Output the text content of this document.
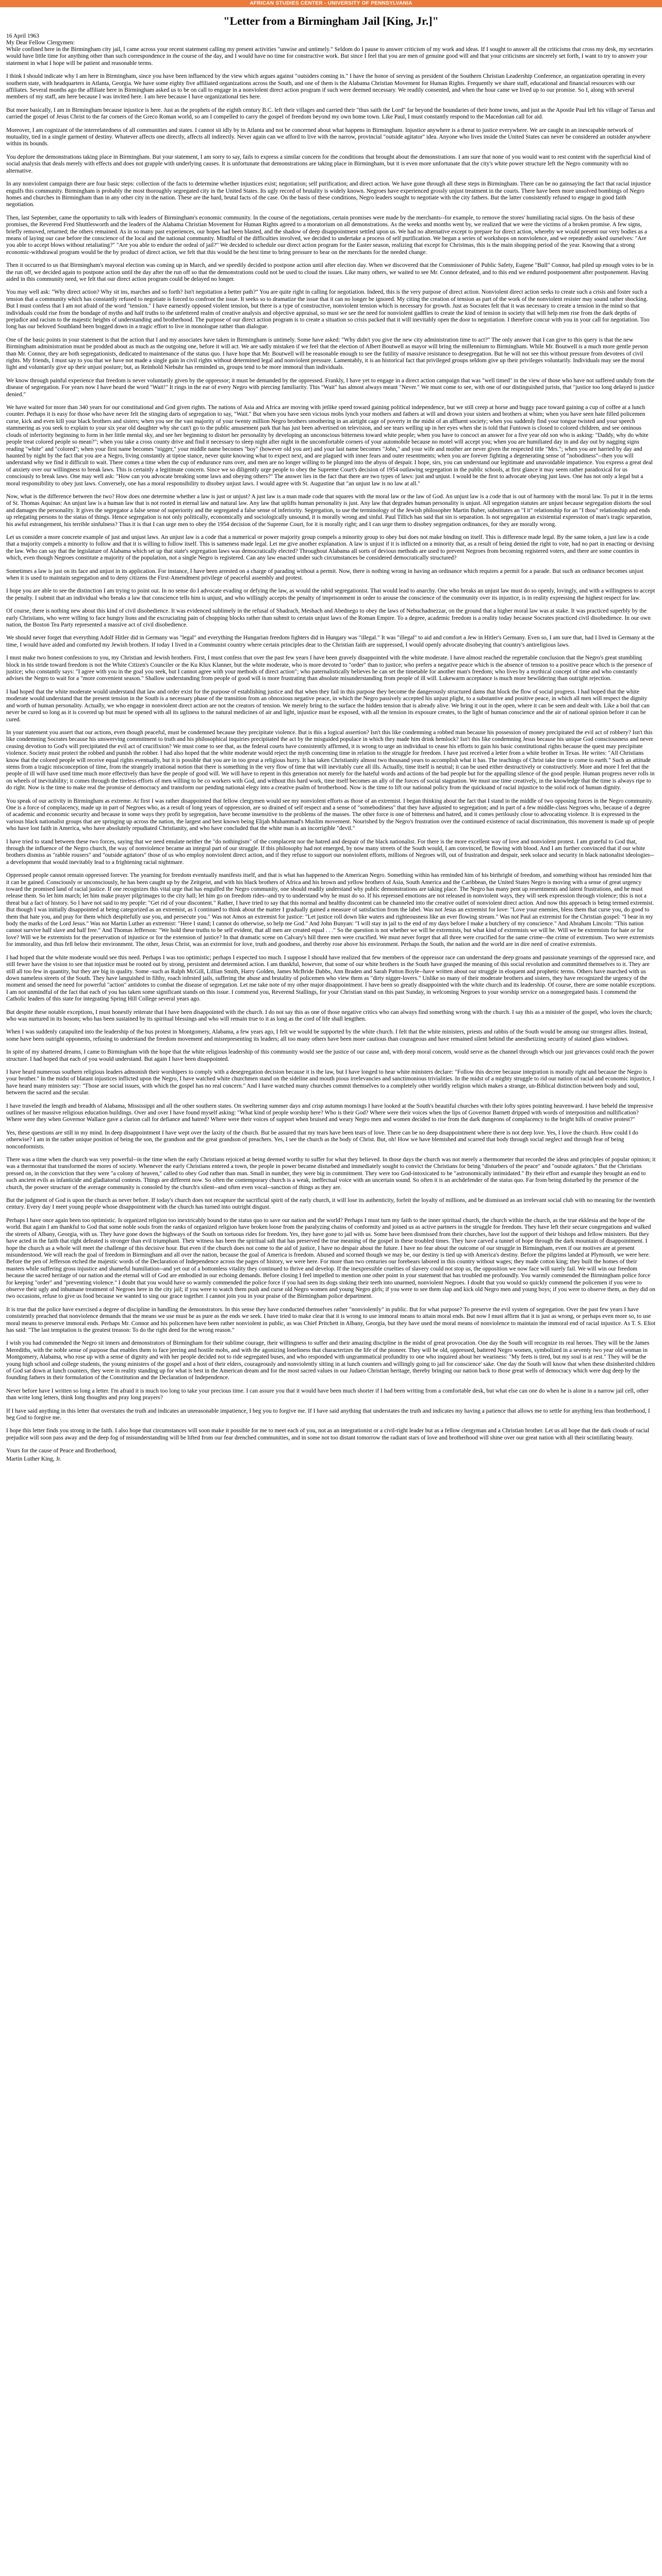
AFRICAN STUDIES CENTER - UNIVERSITY OF PENNSYLVANIA
"Letter from a Birmingham Jail [King, Jr.]"
16 April 1963
My Dear Fellow Clergymen:

While confined here in the Birmingham city jail, I came across your recent statement calling my present activities "unwise and untimely." Seldom do I pause to answer criticism of my work and ideas. If I sought to answer all the criticisms that cross my desk, my secretaries would have little time for anything other than such correspondence in the course of the day, and I would have no time for constructive work. But since I feel that you are men of genuine good will and that your criticisms are sincerely set forth, I want to try to answer your statement in what I hope will be patient and reasonable terms.

I think I should indicate why I am here in Birmingham, since you have been influenced by the view which argues against "outsiders coming in." I have the honor of serving as president of the Southern Christian Leadership Conference, an organization operating in every southern state, with headquarters in Atlanta, Georgia. We have some eighty five affiliated organizations across the South, and one of them is the Alabama Christian Movement for Human Rights. Frequently we share staff, educational and financial resources with our affiliates. Several months ago the affiliate here in Birmingham asked us to be on call to engage in a nonviolent direct action program if such were deemed necessary. We readily consented, and when the hour came we lived up to our promise. So I, along with several members of my staff, am here because I was invited here. I am here because I have organizational ties here.

But more basically, I am in Birmingham because injustice is here. Just as the prophets of the eighth century B.C. left their villages and carried their "thus saith the Lord" far beyond the boundaries of their home towns, and just as the Apostle Paul left his village of Tarsus and carried the gospel of Jesus Christ to the far corners of the Greco Roman world, so am I compelled to carry the gospel of freedom beyond my own home town. Like Paul, I must constantly respond to the Macedonian call for aid.

Moreover, I am cognizant of the interrelatedness of all communities and states. I cannot sit idly by in Atlanta and not be concerned about what happens in Birmingham. Injustice anywhere is a threat to justice everywhere. We are caught in an inescapable network of mutuality, tied in a single garment of destiny. Whatever affects one directly, affects all indirectly. Never again can we afford to live with the narrow, provincial "outside agitator" idea. Anyone who lives inside the United States can never be considered an outsider anywhere within its bounds.

You deplore the demonstrations taking place in Birmingham. But your statement, I am sorry to say, fails to express a similar concern for the conditions that brought about the demonstrations. I am sure that none of you would want to rest content with the superficial kind of social analysis that deals merely with effects and does not grapple with underlying causes. It is unfortunate that demonstrations are taking place in Birmingham, but it is even more unfortunate that the city's white power structure left the Negro community with no alternative.

In any nonviolent campaign there are four basic steps: collection of the facts to determine whether injustices exist; negotiation; self purification; and direct action. We have gone through all these steps in Birmingham. There can be no gainsaying the fact that racial injustice engulfs this community. Birmingham is probably the most thoroughly segregated city in the United States. Its ugly record of brutality is widely known. Negroes have experienced grossly unjust treatment in the courts. There have been more unsolved bombings of Negro homes and churches in Birmingham than in any other city in the nation. These are the hard, brutal facts of the case. On the basis of these conditions, Negro leaders sought to negotiate with the city fathers. But the latter consistently refused to engage in good faith negotiation.

Then, last September, came the opportunity to talk with leaders of Birmingham's economic community. In the course of the negotiations, certain promises were made by the merchants--for example, to remove the stores' humiliating racial signs. On the basis of these promises, the Reverend Fred Shuttlesworth and the leaders of the Alabama Christian Movement for Human Rights agreed to a moratorium on all demonstrations. As the weeks and months went by, we realized that we were the victims of a broken promise. A few signs, briefly removed, returned; the others remained. As in so many past experiences, our hopes had been blasted, and the shadow of deep disappointment settled upon us. We had no alternative except to prepare for direct action, whereby we would present our very bodies as a means of laying our case before the conscience of the local and the national community. Mindful of the difficulties involved, we decided to undertake a process of self purification. We began a series of workshops on nonviolence, and we repeatedly asked ourselves: "Are you able to accept blows without retaliating?" "Are you able to endure the ordeal of jail?" We decided to schedule our direct action program for the Easter season, realizing that except for Christmas, this is the main shopping period of the year. Knowing that a strong economic-withdrawal program would be the by product of direct action, we felt that this would be the best time to bring pressure to bear on the merchants for the needed change.

Then it occurred to us that Birmingham's mayoral election was coming up in March, and we speedily decided to postpone action until after election day. When we discovered that the Commissioner of Public Safety, Eugene "Bull" Connor, had piled up enough votes to be in the run off, we decided again to postpone action until the day after the run off so that the demonstrations could not be used to cloud the issues. Like many others, we waited to see Mr. Connor defeated, and to this end we endured postponement after postponement. Having aided in this community need, we felt that our direct action program could be delayed no longer.

You may well ask: "Why direct action? Why sit ins, marches and so forth? Isn't negotiation a better path?" You are quite right in calling for negotiation. Indeed, this is the very purpose of direct action. Nonviolent direct action seeks to create such a crisis and foster such a tension that a community which has constantly refused to negotiate is forced to confront the issue. It seeks so to dramatize the issue that it can no longer be ignored. My citing the creation of tension as part of the work of the nonviolent resister may sound rather shocking. But I must confess that I am not afraid of the word "tension." I have earnestly opposed violent tension, but there is a type of constructive, nonviolent tension which is necessary for growth. Just as Socrates felt that it was necessary to create a tension in the mind so that individuals could rise from the bondage of myths and half truths to the unfettered realm of creative analysis and objective appraisal, so must we see the need for nonviolent gadflies to create the kind of tension in society that will help men rise from the dark depths of prejudice and racism to the majestic heights of understanding and brotherhood. The purpose of our direct action program is to create a situation so crisis packed that it will inevitably open the door to negotiation. I therefore concur with you in your call for negotiation. Too long has our beloved Southland been bogged down in a tragic effort to live in monologue rather than dialogue.

One of the basic points in your statement is that the action that I and my associates have taken in Birmingham is untimely. Some have asked: "Why didn't you give the new city administration time to act?" The only answer that I can give to this query is that the new Birmingham administration must be prodded about as much as the outgoing one, before it will act. We are sadly mistaken if we feel that the election of Albert Boutwell as mayor will bring the millennium to Birmingham. While Mr. Boutwell is a much more gentle person than Mr. Connor, they are both segregationists, dedicated to maintenance of the status quo. I have hope that Mr. Boutwell will be reasonable enough to see the futility of massive resistance to desegregation. But he will not see this without pressure from devotees of civil rights. My friends, I must say to you that we have not made a single gain in civil rights without determined legal and nonviolent pressure. Lamentably, it is an historical fact that privileged groups seldom give up their privileges voluntarily. Individuals may see the moral light and voluntarily give up their unjust posture; but, as Reinhold Niebuhr has reminded us, groups tend to be more immoral than individuals.

We know through painful experience that freedom is never voluntarily given by the oppressor; it must be demanded by the oppressed. Frankly, I have yet to engage in a direct action campaign that was "well timed" in the view of those who have not suffered unduly from the disease of segregation. For years now I have heard the word "Wait!" It rings in the ear of every Negro with piercing familiarity. This "Wait" has almost always meant "Never." We must come to see, with one of our distinguished jurists, that "justice too long delayed is justice denied."

We have waited for more than 340 years for our constitutional and God given rights. The nations of Asia and Africa are moving with jetlike speed toward gaining political independence, but we still creep at horse and buggy pace toward gaining a cup of coffee at a lunch counter. Perhaps it is easy for those who have never felt the stinging darts of segregation to say, "Wait." But when you have seen vicious mobs lynch your mothers and fathers at will and drown your sisters and brothers at whim; when you have seen hate filled policemen curse, kick and even kill your black brothers and sisters; when you see the vast majority of your twenty million Negro brothers smothering in an airtight cage of poverty in the midst of an affluent society; when you suddenly find your tongue twisted and your speech stammering as you seek to explain to your six year old daughter why she can't go to the public amusement park that has just been advertised on television, and see tears welling up in her eyes when she is told that Funtown is closed to colored children, and see ominous clouds of inferiority beginning to form in her little mental sky, and see her beginning to distort her personality by developing an unconscious bitterness toward white people; when you have to concoct an answer for a five year old son who is asking: "Daddy, why do white people treat colored people so mean?"; when you take a cross county drive and find it necessary to sleep night after night in the uncomfortable corners of your automobile because no motel will accept you; when you are humiliated day in and day out by nagging signs reading "white" and "colored"; when your first name becomes "nigger," your middle name becomes "boy" (however old you are) and your last name becomes "John," and your wife and mother are never given the respected title "Mrs."; when you are harried by day and haunted by night by the fact that you are a Negro, living constantly at tiptoe stance, never quite knowing what to expect next, and are plagued with inner fears and outer resentments; when you are forever fighting a degenerating sense of "nobodiness"--then you will understand why we find it difficult to wait. There comes a time when the cup of endurance runs over, and men are no longer willing to be plunged into the abyss of despair. I hope, sirs, you can understand our legitimate and unavoidable impatience. You express a great deal of anxiety over our willingness to break laws. This is certainly a legitimate concern. Since we so diligently urge people to obey the Supreme Court's decision of 1954 outlawing segregation in the public schools, at first glance it may seem rather paradoxical for us consciously to break laws. One may well ask: "How can you advocate breaking some laws and obeying others?" The answer lies in the fact that there are two types of laws: just and unjust. I would be the first to advocate obeying just laws. One has not only a legal but a moral responsibility to obey just laws. Conversely, one has a moral responsibility to disobey unjust laws. I would agree with St. Augustine that "an unjust law is no law at all."

Now, what is the difference between the two? How does one determine whether a law is just or unjust? A just law is a man made code that squares with the moral law or the law of God. An unjust law is a code that is out of harmony with the moral law. To put it in the terms of St. Thomas Aquinas: An unjust law is a human law that is not rooted in eternal law and natural law. Any law that uplifts human personality is just. Any law that degrades human personality is unjust. All segregation statutes are unjust because segregation distorts the soul and damages the personality. It gives the segregator a false sense of superiority and the segregated a false sense of inferiority. Segregation, to use the terminology of the Jewish philosopher Martin Buber, substitutes an "I it" relationship for an "I thou" relationship and ends up relegating persons to the status of things. Hence segregation is not only politically, economically and sociologically unsound, it is morally wrong and sinful. Paul Tillich has said that sin is separation. Is not segregation an existential expression of man's tragic separation, his awful estrangement, his terrible sinfulness? Thus it is that I can urge men to obey the 1954 decision of the Supreme Court, for it is morally right; and I can urge them to disobey segregation ordinances, for they are morally wrong.

Let us consider a more concrete example of just and unjust laws. An unjust law is a code that a numerical or power majority group compels a minority group to obey but does not make binding on itself. This is difference made legal. By the same token, a just law is a code that a majority compels a minority to follow and that it is willing to follow itself. This is sameness made legal. Let me give another explanation. A law is unjust if it is inflicted on a minority that, as a result of being denied the right to vote, had no part in enacting or devising the law. Who can say that the legislature of Alabama which set up that state's segregation laws was democratically elected? Throughout Alabama all sorts of devious methods are used to prevent Negroes from becoming registered voters, and there are some counties in which, even though Negroes constitute a majority of the population, not a single Negro is registered. Can any law enacted under such circumstances be considered democratically structured?

Sometimes a law is just on its face and unjust in its application. For instance, I have been arrested on a charge of parading without a permit. Now, there is nothing wrong in having an ordinance which requires a permit for a parade. But such an ordinance becomes unjust when it is used to maintain segregation and to deny citizens the First-Amendment privilege of peaceful assembly and protest.

I hope you are able to see the distinction I am trying to point out. In no sense do I advocate evading or defying the law, as would the rabid segregationist. That would lead to anarchy. One who breaks an unjust law must do so openly, lovingly, and with a willingness to accept the penalty. I submit that an individual who breaks a law that conscience tells him is unjust, and who willingly accepts the penalty of imprisonment in order to arouse the conscience of the community over its injustice, is in reality expressing the highest respect for law.

Of course, there is nothing new about this kind of civil disobedience. It was evidenced sublimely in the refusal of Shadrach, Meshach and Abednego to obey the laws of Nebuchadnezzar, on the ground that a higher moral law was at stake. It was practiced superbly by the early Christians, who were willing to face hungry lions and the excruciating pain of chopping blocks rather than submit to certain unjust laws of the Roman Empire. To a degree, academic freedom is a reality today because Socrates practiced civil disobedience. In our own nation, the Boston Tea Party represented a massive act of civil disobedience.

We should never forget that everything Adolf Hitler did in Germany was "legal" and everything the Hungarian freedom fighters did in Hungary was "illegal." It was "illegal" to aid and comfort a Jew in Hitler's Germany. Even so, I am sure that, had I lived in Germany at the time, I would have aided and comforted my Jewish brothers. If today I lived in a Communist country where certain principles dear to the Christian faith are suppressed, I would openly advocate disobeying that country's antireligious laws.

I must make two honest confessions to you, my Christian and Jewish brothers. First, I must confess that over the past few years I have been gravely disappointed with the white moderate. I have almost reached the regrettable conclusion that the Negro's great stumbling block in his stride toward freedom is not the White Citizen's Counciler or the Ku Klux Klanner, but the white moderate, who is more devoted to "order" than to justice; who prefers a negative peace which is the absence of tension to a positive peace which is the presence of justice; who constantly says: "I agree with you in the goal you seek, but I cannot agree with your methods of direct action"; who paternalistically believes he can set the timetable for another man's freedom; who lives by a mythical concept of time and who constantly advises the Negro to wait for a "more convenient season." Shallow understanding from people of good will is more frustrating than absolute misunderstanding from people of ill will. Lukewarm acceptance is much more bewildering than outright rejection.

I had hoped that the white moderate would understand that law and order exist for the purpose of establishing justice and that when they fail in this purpose they become the dangerously structured dams that block the flow of social progress. I had hoped that the white moderate would understand that the present tension in the South is a necessary phase of the transition from an obnoxious negative peace, in which the Negro passively accepted his unjust plight, to a substantive and positive peace, in which all men will respect the dignity and worth of human personality. Actually, we who engage in nonviolent direct action are not the creators of tension. We merely bring to the surface the hidden tension that is already alive. We bring it out in the open, where it can be seen and dealt with. Like a boil that can never be cured so long as it is covered up but must be opened with all its ugliness to the natural medicines of air and light, injustice must be exposed, with all the tension its exposure creates, to the light of human conscience and the air of national opinion before it can be cured.

In your statement you assert that our actions, even though peaceful, must be condemned because they precipitate violence. But is this a logical assertion? Isn't this like condemning a robbed man because his possession of money precipitated the evil act of robbery? Isn't this like condemning Socrates because his unswerving commitment to truth and his philosophical inquiries precipitated the act by the misguided populace in which they made him drink hemlock? Isn't this like condemning Jesus because his unique God consciousness and never ceasing devotion to God's will precipitated the evil act of crucifixion? We must come to see that, as the federal courts have consistently affirmed, it is wrong to urge an individual to cease his efforts to gain his basic constitutional rights because the quest may precipitate violence. Society must protect the robbed and punish the robber. I had also hoped that the white moderate would reject the myth concerning time in relation to the struggle for freedom. I have just received a letter from a white brother in Texas. He writes: "All Christians know that the colored people will receive equal rights eventually, but it is possible that you are in too great a religious hurry. It has taken Christianity almost two thousand years to accomplish what it has. The teachings of Christ take time to come to earth." Such an attitude stems from a tragic misconception of time, from the strangely irrational notion that there is something in the very flow of time that will inevitably cure all ills. Actually, time itself is neutral; it can be used either destructively or constructively. More and more I feel that the people of ill will have used time much more effectively than have the people of good will. We will have to repent in this generation not merely for the hateful words and actions of the bad people but for the appalling silence of the good people. Human progress never rolls in on wheels of inevitability; it comes through the tireless efforts of men willing to be co workers with God, and without this hard work, time itself becomes an ally of the forces of social stagnation. We must use time creatively, in the knowledge that the time is always ripe to do right. Now is the time to make real the promise of democracy and transform our pending national elegy into a creative psalm of brotherhood. Now is the time to lift our national policy from the quicksand of racial injustice to the solid rock of human dignity.

You speak of our activity in Birmingham as extreme. At first I was rather disappointed that fellow clergymen would see my nonviolent efforts as those of an extremist. I began thinking about the fact that I stand in the middle of two opposing forces in the Negro community. One is a force of complacency, made up in part of Negroes who, as a result of long years of oppression, are so drained of self respect and a sense of "somebodiness" that they have adjusted to segregation; and in part of a few middle-class Negroes who, because of a degree of academic and economic security and because in some ways they profit by segregation, have become insensitive to the problems of the masses. The other force is one of bitterness and hatred, and it comes perilously close to advocating violence. It is expressed in the various black nationalist groups that are springing up across the nation, the largest and best known being Elijah Muhammad's Muslim movement. Nourished by the Negro's frustration over the continued existence of racial discrimination, this movement is made up of people who have lost faith in America, who have absolutely repudiated Christianity, and who have concluded that the white man is an incorrigible "devil."

I have tried to stand between these two forces, saying that we need emulate neither the "do nothingism" of the complacent nor the hatred and despair of the black nationalist. For there is the more excellent way of love and nonviolent protest. I am grateful to God that, through the influence of the Negro church, the way of nonviolence became an integral part of our struggle. If this philosophy had not emerged, by now many streets of the South would, I am convinced, be flowing with blood. And I am further convinced that if our white brothers dismiss as "rabble rousers" and "outside agitators" those of us who employ nonviolent direct action, and if they refuse to support our nonviolent efforts, millions of Negroes will, out of frustration and despair, seek solace and security in black nationalist ideologies--a development that would inevitably lead to a frightening racial nightmare.

Oppressed people cannot remain oppressed forever. The yearning for freedom eventually manifests itself, and that is what has happened to the American Negro. Something within has reminded him of his birthright of freedom, and something without has reminded him that it can be gained. Consciously or unconsciously, he has been caught up by the Zeitgeist, and with his black brothers of Africa and his brown and yellow brothers of Asia, South America and the Caribbean, the United States Negro is moving with a sense of great urgency toward the promised land of racial justice. If one recognizes this vital urge that has engulfed the Negro community, one should readily understand why public demonstrations are taking place. The Negro has many pent up resentments and latent frustrations, and he must release them. So let him march; let him make prayer pilgrimages to the city hall; let him go on freedom rides--and try to understand why he must do so. If his repressed emotions are not released in nonviolent ways, they will seek expression through violence; this is not a threat but a fact of history. So I have not said to my people: "Get rid of your discontent." Rather, I have tried to say that this normal and healthy discontent can be channeled into the creative outlet of nonviolent direct action. And now this approach is being termed extremist. But though I was initially disappointed at being categorized as an extremist, as I continued to think about the matter I gradually gained a measure of satisfaction from the label. Was not Jesus an extremist for love: "Love your enemies, bless them that curse you, do good to them that hate you, and pray for them which despitefully use you, and persecute you." Was not Amos an extremist for justice: "Let justice roll down like waters and righteousness like an ever flowing stream." Was not Paul an extremist for the Christian gospel: "I bear in my body the marks of the Lord Jesus." Was not Martin Luther an extremist: "Here I stand; I cannot do otherwise, so help me God." And John Bunyan: "I will stay in jail to the end of my days before I make a butchery of my conscience." And Abraham Lincoln: "This nation cannot survive half slave and half free." And Thomas Jefferson: "We hold these truths to be self evident, that all men are created equal . . ." So the question is not whether we will be extremists, but what kind of extremists we will be. Will we be extremists for hate or for love? Will we be extremists for the preservation of injustice or for the extension of justice? In that dramatic scene on Calvary's hill three men were crucified. We must never forget that all three were crucified for the same crime--the crime of extremism. Two were extremists for immorality, and thus fell below their environment. The other, Jesus Christ, was an extremist for love, truth and goodness, and thereby rose above his environment. Perhaps the South, the nation and the world are in dire need of creative extremists.

I had hoped that the white moderate would see this need. Perhaps I was too optimistic; perhaps I expected too much. I suppose I should have realized that few members of the oppressor race can understand the deep groans and passionate yearnings of the oppressed race, and still fewer have the vision to see that injustice must be rooted out by strong, persistent and determined action. I am thankful, however, that some of our white brothers in the South have grasped the meaning of this social revolution and committed themselves to it. They are still all too few in quantity, but they are big in quality. Some -such as Ralph McGill, Lillian Smith, Harry Golden, James McBride Dabbs, Ann Braden and Sarah Patton Boyle--have written about our struggle in eloquent and prophetic terms. Others have marched with us down nameless streets of the South. They have languished in filthy, roach infested jails, suffering the abuse and brutality of policemen who view them as "dirty nigger-lovers." Unlike so many of their moderate brothers and sisters, they have recognized the urgency of the moment and sensed the need for powerful "action" antidotes to combat the disease of segregation. Let me take note of my other major disappointment. I have been so greatly disappointed with the white church and its leadership. Of course, there are some notable exceptions. I am not unmindful of the fact that each of you has taken some significant stands on this issue. I commend you, Reverend Stallings, for your Christian stand on this past Sunday, in welcoming Negroes to your worship service on a nonsegregated basis. I commend the Catholic leaders of this state for integrating Spring Hill College several years ago.

But despite these notable exceptions, I must honestly reiterate that I have been disappointed with the church. I do not say this as one of those negative critics who can always find something wrong with the church. I say this as a minister of the gospel, who loves the church; who was nurtured in its bosom; who has been sustained by its spiritual blessings and who will remain true to it as long as the cord of life shall lengthen.

When I was suddenly catapulted into the leadership of the bus protest in Montgomery, Alabama, a few years ago, I felt we would be supported by the white church. I felt that the white ministers, priests and rabbis of the South would be among our strongest allies. Instead, some have been outright opponents, refusing to understand the freedom movement and misrepresenting its leaders; all too many others have been more cautious than courageous and have remained silent behind the anesthetizing security of stained glass windows.

In spite of my shattered dreams, I came to Birmingham with the hope that the white religious leadership of this community would see the justice of our cause and, with deep moral concern, would serve as the channel through which our just grievances could reach the power structure. I had hoped that each of you would understand. But again I have been disappointed.

I have heard numerous southern religious leaders admonish their worshipers to comply with a desegregation decision because it is the law, but I have longed to hear white ministers declare: "Follow this decree because integration is morally right and because the Negro is your brother." In the midst of blatant injustices inflicted upon the Negro, I have watched white churchmen stand on the sideline and mouth pious irrelevancies and sanctimonious trivialities. In the midst of a mighty struggle to rid our nation of racial and economic injustice, I have heard many ministers say: "Those are social issues, with which the gospel has no real concern." And I have watched many churches commit themselves to a completely other worldly religion which makes a strange, un-Biblical distinction between body and soul, between the sacred and the secular.

I have traveled the length and breadth of Alabama, Mississippi and all the other southern states. On sweltering summer days and crisp autumn mornings I have looked at the South's beautiful churches with their lofty spires pointing heavenward. I have beheld the impressive outlines of her massive religious education buildings. Over and over I have found myself asking: "What kind of people worship here? Who is their God? Where were their voices when the lips of Governor Barnett dripped with words of interposition and nullification? Where were they when Governor Wallace gave a clarion call for defiance and hatred? Where were their voices of support when bruised and weary Negro men and women decided to rise from the dark dungeons of complacency to the bright hills of creative protest?"

Yes, these questions are still in my mind. In deep disappointment I have wept over the laxity of the church. But be assured that my tears have been tears of love. There can be no deep disappointment where there is not deep love. Yes, I love the church. How could I do otherwise? I am in the rather unique position of being the son, the grandson and the great grandson of preachers. Yes, I see the church as the body of Christ. But, oh! How we have blemished and scarred that body through social neglect and through fear of being nonconformists.

There was a time when the church was very powerful--in the time when the early Christians rejoiced at being deemed worthy to suffer for what they believed. In those days the church was not merely a thermometer that recorded the ideas and principles of popular opinion; it was a thermostat that transformed the mores of society. Whenever the early Christians entered a town, the people in power became disturbed and immediately sought to convict the Christians for being "disturbers of the peace" and "outside agitators." But the Christians pressed on, in the conviction that they were "a colony of heaven," called to obey God rather than man. Small in number, they were big in commitment. They were too God-intoxicated to be "astronomically intimidated." By their effort and example they brought an end to such ancient evils as infanticide and gladiatorial contests. Things are different now. So often the contemporary church is a weak, ineffectual voice with an uncertain sound. So often it is an archdefender of the status quo. Far from being disturbed by the presence of the church, the power structure of the average community is consoled by the church's silent--and often even vocal--sanction of things as they are.

But the judgment of God is upon the church as never before. If today's church does not recapture the sacrificial spirit of the early church, it will lose its authenticity, forfeit the loyalty of millions, and be dismissed as an irrelevant social club with no meaning for the twentieth century. Every day I meet young people whose disappointment with the church has turned into outright disgust.

Perhaps I have once again been too optimistic. Is organized religion too inextricably bound to the status quo to save our nation and the world? Perhaps I must turn my faith to the inner spiritual church, the church within the church, as the true ekklesia and the hope of the world. But again I am thankful to God that some noble souls from the ranks of organized religion have broken loose from the paralyzing chains of conformity and joined us as active partners in the struggle for freedom. They have left their secure congregations and walked the streets of Albany, Georgia, with us. They have gone down the highways of the South on tortuous rides for freedom. Yes, they have gone to jail with us. Some have been dismissed from their churches, have lost the support of their bishops and fellow ministers. But they have acted in the faith that right defeated is stronger than evil triumphant. Their witness has been the spiritual salt that has preserved the true meaning of the gospel in these troubled times. They have carved a tunnel of hope through the dark mountain of disappointment. I hope the church as a whole will meet the challenge of this decisive hour. But even if the church does not come to the aid of justice, I have no despair about the future. I have no fear about the outcome of our struggle in Birmingham, even if our motives are at present misunderstood. We will reach the goal of freedom in Birmingham and all over the nation, because the goal of America is freedom. Abused and scorned though we may be, our destiny is tied up with America's destiny. Before the pilgrims landed at Plymouth, we were here. Before the pen of Jefferson etched the majestic words of the Declaration of Independence across the pages of history, we were here. For more than two centuries our forebears labored in this country without wages; they made cotton king; they built the homes of their masters while suffering gross injustice and shameful humiliation--and yet out of a bottomless vitality they continued to thrive and develop. If the inexpressible cruelties of slavery could not stop us, the opposition we now face will surely fail. We will win our freedom because the sacred heritage of our nation and the eternal will of God are embodied in our echoing demands. Before closing I feel impelled to mention one other point in your statement that has troubled me profoundly. You warmly commended the Birmingham police force for keeping "order" and "preventing violence." I doubt that you would have so warmly commended the police force if you had seen its dogs sinking their teeth into unarmed, nonviolent Negroes. I doubt that you would so quickly commend the policemen if you were to observe their ugly and inhumane treatment of Negroes here in the city jail; if you were to watch them push and curse old Negro women and young Negro girls; if you were to see them slap and kick old Negro men and young boys; if you were to observe them, as they did on two occasions, refuse to give us food because we wanted to sing our grace together. I cannot join you in your praise of the Birmingham police department.

It is true that the police have exercised a degree of discipline in handling the demonstrators. In this sense they have conducted themselves rather "nonviolently" in public. But for what purpose? To preserve the evil system of segregation. Over the past few years I have consistently preached that nonviolence demands that the means we use must be as pure as the ends we seek. I have tried to make clear that it is wrong to use immoral means to attain moral ends. But now I must affirm that it is just as wrong, or perhaps even more so, to use moral means to preserve immoral ends. Perhaps Mr. Connor and his policemen have been rather nonviolent in public, as was Chief Pritchett in Albany, Georgia, but they have used the moral means of nonviolence to maintain the immoral end of racial injustice. As T. S. Eliot has said: "The last temptation is the greatest treason: To do the right deed for the wrong reason."

I wish you had commended the Negro sit inners and demonstrators of Birmingham for their sublime courage, their willingness to suffer and their amazing discipline in the midst of great provocation. One day the South will recognize its real heroes. They will be the James Merediths, with the noble sense of purpose that enables them to face jeering and hostile mobs, and with the agonizing loneliness that characterizes the life of the pioneer. They will be old, oppressed, battered Negro women, symbolized in a seventy two year old woman in Montgomery, Alabama, who rose up with a sense of dignity and with her people decided not to ride segregated buses, and who responded with ungrammatical profundity to one who inquired about her weariness: "My feets is tired, but my soul is at rest." They will be the young high school and college students, the young ministers of the gospel and a host of their elders, courageously and nonviolently sitting in at lunch counters and willingly going to jail for conscience' sake. One day the South will know that when these disinherited children of God sat down at lunch counters, they were in reality standing up for what is best in the American dream and for the most sacred values in our Judaeo Christian heritage, thereby bringing our nation back to those great wells of democracy which were dug deep by the founding fathers in their formulation of the Constitution and the Declaration of Independence.

Never before have I written so long a letter. I'm afraid it is much too long to take your precious time. I can assure you that it would have been much shorter if I had been writing from a comfortable desk, but what else can one do when he is alone in a narrow jail cell, other than write long letters, think long thoughts and pray long prayers?

If I have said anything in this letter that overstates the truth and indicates an unreasonable impatience, I beg you to forgive me. If I have said anything that understates the truth and indicates my having a patience that allows me to settle for anything less than brotherhood, I beg God to forgive me.

I hope this letter finds you strong in the faith. I also hope that circumstances will soon make it possible for me to meet each of you, not as an integrationist or a civil-right leader but as a fellow clergyman and a Christian brother. Let us all hope that the dark clouds of racial prejudice will soon pass away and the deep fog of misunderstanding will be lifted from our fear drenched communities, and in some not too distant tomorrow the radiant stars of love and brotherhood will shine over our great nation with all their scintillating beauty.

Yours for the cause of Peace and Brotherhood,
Martin Luther King, Jr.
